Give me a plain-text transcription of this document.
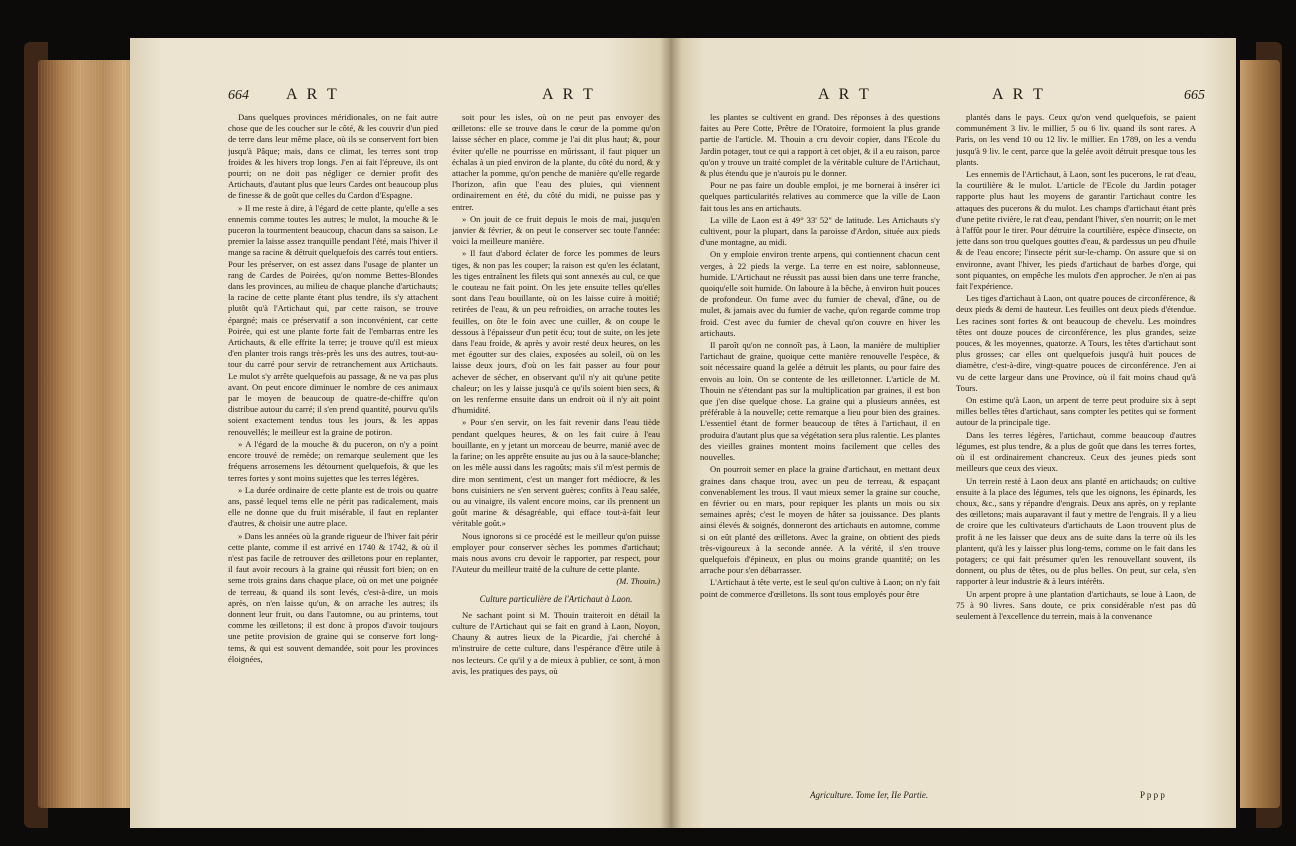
664 A R T	A R T

Dans quelques provinces méridionales, on ne fait autre chose que de les coucher sur le côté, & les couvrir d'un pied de terre dans leur même place, où ils se conservent fort bien jusqu'à Pâque; mais, dans ce climat, les terres sont trop froides & les hivers trop longs. J'en ai fait l'épreuve, ils ont pourri; on ne doit pas négliger ce dernier profit des Artichauts, d'autant plus que leurs Cardes ont beaucoup plus de finesse & de goût que celles du Cardon d'Espagne.

» Il me reste à dire, à l'égard de cette plante, qu'elle a ses ennemis comme toutes les autres; le mulot, la mouche & le puceron la tourmentent beaucoup, chacun dans sa saison. Le premier la laisse assez tranquille pendant l'été, mais l'hiver il mange sa racine & détruit quelquefois des carrés tout entiers. Pour les préserver, on est assez dans l'usage de planter un rang de Cardes de Poirées, qu'on nomme Bettes-Blondes dans les provinces, au milieu de chaque planche d'artichauts; la racine de cette plante étant plus tendre, ils s'y attachent plutôt qu'à l'Artichaut qui, par cette raison, se trouve épargné; mais ce préservatif a son inconvénient, car cette Poirée, qui est une plante forte fait de l'embarras entre les Artichauts, & elle effrite la terre; je trouve qu'il est mieux d'en planter trois rangs très-près les uns des autres, tout-au-tour du carré pour servir de retranchement aux Artichauts. Le mulot s'y arrête quelquefois au passage, & ne va pas plus avant. On peut encore diminuer le nombre de ces animaux par le moyen de beaucoup de quatre-de-chiffre qu'on distribue autour du carré; il s'en prend quantité, pourvu qu'ils soient exactement tendus tous les jours, & les appas renouvellés; le meilleur est la graine de potiron.

» A l'égard de la mouche & du puceron, on n'y a point encore trouvé de remède; on remarque seulement que les fréquens arrosemens les détournent quelquefois, & que les terres fortes y sont moins sujettes que les terres légères.

» La durée ordinaire de cette plante est de trois ou quatre ans, passé lequel tems elle ne périt pas radicalement, mais elle ne donne que du fruit misérable, il faut en replanter d'autres, & choisir une autre place.

» Dans les années où la grande rigueur de l'hiver fait périr cette plante, comme il est arrivé en 1740 & 1742, & où il n'est pas facile de retrouver des œilletons pour en replanter, il faut avoir recours à la graine qui réussit fort bien; on en seme trois grains dans chaque place, où on met une poignée de terreau, & quand ils sont levés, c'est-à-dire, un mois après, on n'en laisse qu'un, & on arrache les autres; ils donnent leur fruit, ou dans l'automne, ou au printems, tout comme les œilletons; il est donc à propos d'avoir toujours une petite provision de graine qui se conserve fort long-tems, & qui est souvent demandée, soit pour les provinces éloignées,

soit pour les isles, où on ne peut pas envoyer des œilletons: elle se trouve dans le cœur de la pomme qu'on laisse sécher en place, comme je l'ai dit plus haut; &, pour éviter qu'elle ne pourrisse en mûrissant, il faut piquer un échalas à un pied environ de la plante, du côté du nord, & y attacher la pomme, qu'on penche de manière qu'elle regarde l'horizon, afin que l'eau des pluies, qui viennent ordinairement en été, du côté du midi, ne puisse pas y entrer.

» On jouit de ce fruit depuis le mois de mai, jusqu'en janvier & février, & on peut le conserver sec toute l'année: voici la meilleure manière.

» Il faut d'abord éclater de force les pommes de leurs tiges, & non pas les couper; la raison est qu'en les éclatant, les tiges entraînent les filets qui sont annexés au cul, ce que le couteau ne fait point. On les jete ensuite telles qu'elles sont dans l'eau bouillante, où on les laisse cuire à moitié; retirées de l'eau, & un peu refroidies, on arrache toutes les feuilles, on ôte le foin avec une cuiller, & on coupe le dessous à l'épaisseur d'un petit écu; tout de suite, on les jete dans l'eau froide, & après y avoir resté deux heures, on les met égoutter sur des claies, exposées au soleil, où on les laisse deux jours, d'où on les fait passer au four pour achever de sécher, en observant qu'il n'y ait qu'une petite chaleur; on les y laisse jusqu'à ce qu'ils soient bien secs, & on les renferme ensuite dans un endroit où il n'y ait point d'humidité.

» Pour s'en servir, on les fait revenir dans l'eau tiède pendant quelques heures, & on les fait cuire à l'eau bouillante, en y jetant un morceau de beurre, manié avec de la farine; on les apprête ensuite au jus ou à la sauce-blanche; on les mêle aussi dans les ragoûts; mais s'il m'est permis de dire mon sentiment, c'est un manger fort médiocre, & les bons cuisiniers ne s'en servent guères; confits à l'eau salée, ou au vinaigre, ils valent encore moins, car ils prennent un goût marine & désagréable, qui efface tout-à-fait leur véritable goût.»

Nous ignorons si ce procédé est le meilleur qu'on puisse employer pour conserver sèches les pommes d'artichaut; mais nous avons cru devoir le rapporter, par respect, pour l'Auteur du meilleur traité de la culture de cette plante.

(M. Thouin.)
Culture particulière de l'Artichaut à Laon.

Ne sachant point si M. Thouin traiteroit en détail la culture de l'Artichaut qui se fait en grand à Laon, Noyon, Chauny & autres lieux de la Picardie, j'ai cherché à m'instruire de cette culture, dans l'espérance d'être utile à nos lecteurs. Ce qu'il y a de mieux à publier, ce sont, à mon avis, les pratiques des pays, où

A R T	A R T	665

les plantes se cultivent en grand. Des réponses à des questions faites au Pere Cotte, Prêtre de l'Oratoire, formoient la plus grande partie de l'article. M. Thouin a cru devoir copier, dans l'Ecole du Jardin potager, tout ce qui a rapport à cet objet, & il a eu raison, parce qu'on y trouve un traité complet de la véritable culture de l'Artichaut, & plus étendu que je n'aurois pu le donner.

Pour ne pas faire un double emploi, je me bornerai à insérer ici quelques particularités relatives au commerce que la ville de Laon fait tous les ans en artichauts.

La ville de Laon est à 49° 33' 52" de latitude. Les Artichauts s'y cultivent, pour la plupart, dans la paroisse d'Ardon, située aux pieds d'une montagne, au midi.

On y emploie environ trente arpens, qui contiennent chacun cent verges, à 22 pieds la verge. La terre en est noire, sablonneuse, humide. L'Artichaut ne réussit pas aussi bien dans une terre franche, quoiqu'elle soit humide. On laboure à la bêche, à environ huit pouces de profondeur. On fume avec du fumier de cheval, d'âne, ou de mulet, & jamais avec du fumier de vache, qu'on regarde comme trop froid. C'est avec du fumier de cheval qu'on couvre en hiver les artichauts.

Il paroît qu'on ne connoît pas, à Laon, la manière de multiplier l'artichaut de graine, quoique cette manière renouvelle l'espèce, & soit nécessaire quand la gelée a détruit les plants, ou pour faire des envois au loin. On se contente de les œilletonner. L'article de M. Thouin ne s'étendant pas sur la multiplication par graines, il est bon que j'en dise quelque chose. La graine qui a plusieurs années, est préférable à la nouvelle; cette remarque a lieu pour bien des graines. L'essentiel étant de former beaucoup de têtes à l'artichaut, il en produira d'autant plus que sa végétation sera plus ralentie. Les plantes des vieilles graines montent moins facilement que celles des nouvelles.

On pourroit semer en place la graine d'artichaut, en mettant deux graines dans chaque trou, avec un peu de terreau, & espaçant convenablement les trous. Il vaut mieux semer la graine sur couche, en février ou en mars, pour repiquer les plants un mois ou six semaines après; c'est le moyen de hâter sa jouissance. Des plants ainsi élevés & soignés, donneront des artichauts en automne, comme si on eût planté des œilletons. Avec la graine, on obtient des pieds très-vigoureux à la seconde année. A la vérité, il s'en trouve quelquefois d'épineux, en plus ou moins grande quantité; on les arrache pour s'en débarrasser.

L'Artichaut à tête verte, est le seul qu'on cultive à Laon; on n'y fait point de commerce d'œilletons. Ils sont tous employés pour être

plantés dans le pays. Ceux qu'on vend quelquefois, se paient communément 3 liv. le millier, 5 ou 6 liv. quand ils sont rares. A Paris, on les vend 10 ou 12 liv. le millier. En 1789, on les a vendu jusqu'à 9 liv. le cent, parce que la gelée avoit détruit presque tous les plants.

Les ennemis de l'Artichaut, à Laon, sont les pucerons, le rat d'eau, la courtilière & le mulot. L'article de l'Ecole du Jardin potager rapporte plus haut les moyens de garantir l'artichaut contre les attaques des pucerons & du mulot. Les champs d'artichaut étant près d'une petite rivière, le rat d'eau, pendant l'hiver, s'en nourrit; on le met à l'affût pour le tirer. Pour détruire la courtilière, espèce d'insecte, on jette dans son trou quelques gouttes d'eau, & pardessus un peu d'huile & de l'eau encore; l'insecte périt sur-le-champ. On assure que si on environne, avant l'hiver, les pieds d'artichaut de barbes d'orge, qui sont piquantes, on empêche les mulots d'en approcher. Je n'en ai pas fait l'expérience.

Les tiges d'artichaut à Laon, ont quatre pouces de circonférence, & deux pieds & demi de hauteur. Les feuilles ont deux pieds d'étendue. Les racines sont fortes & ont beaucoup de chevelu. Les moindres têtes ont douze pouces de circonférence, les plus grandes, seize pouces, & les moyennes, quatorze. A Tours, les têtes d'artichaut sont plus grosses; car elles ont quelquefois jusqu'à huit pouces de diamètre, c'est-à-dire, vingt-quatre pouces de circonférence. J'en ai vu de cette largeur dans une Province, où il fait moins chaud qu'à Tours.

On estime qu'à Laon, un arpent de terre peut produire six à sept milles belles têtes d'artichaut, sans compter les petites qui se forment autour de la principale tige.

Dans les terres légères, l'artichaut, comme beaucoup d'autres légumes, est plus tendre, & a plus de goût que dans les terres fortes, où il est ordinairement chancreux. Ceux des jeunes pieds sont meilleurs que ceux des vieux.

Un terrein resté à Laon deux ans planté en artichauds; on cultive ensuite à la place des légumes, tels que les oignons, les épinards, les choux, &c., sans y répandre d'engrais. Deux ans après, on y replante des œilletons; mais auparavant il faut y mettre de l'engrais. Il y a lieu de croire que les cultivateurs d'artichauts de Laon trouvent plus de profit à ne les laisser que deux ans de suite dans la terre où ils les plantent, qu'à les y laisser plus long-tems, comme on le fait dans les potagers; ce qui fait présumer qu'en les renouvellant souvent, ils donnent, ou plus de têtes, ou de plus belles. On peut, sur cela, s'en rapporter à leur industrie & à leurs intérêts.

Un arpent propre à une plantation d'artichauts, se loue à Laon, de 75 à 90 livres. Sans doute, ce prix considérable n'est pas dû seulement à l'excellence du terrein, mais à la convenance

Agriculture. Tome Ier, IIe Partie.	P p p p
